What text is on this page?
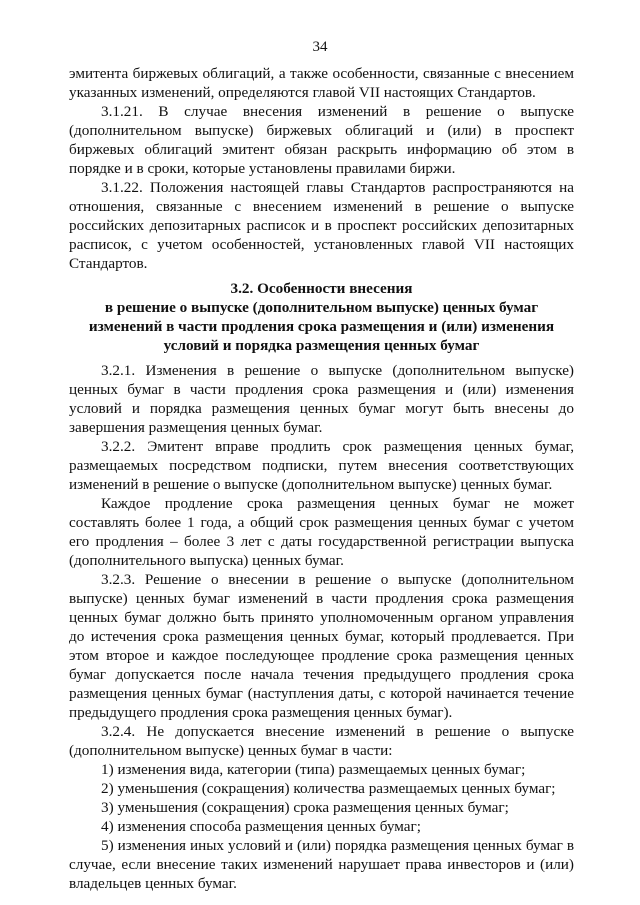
34

эмитента биржевых облигаций, а также особенности, связанные с внесением указанных изменений, определяются главой VII настоящих Стандартов.

3.1.21. В случае внесения изменений в решение о выпуске (дополнительном выпуске) биржевых облигаций и (или) в проспект биржевых облигаций эмитент обязан раскрыть информацию об этом в порядке и в сроки, которые установлены правилами биржи.

3.1.22. Положения настоящей главы Стандартов распространяются на отношения, связанные с внесением изменений в решение о выпуске российских депозитарных расписок и в проспект российских депозитарных расписок, с учетом особенностей, установленных главой VII настоящих Стандартов.

3.2. Особенности внесения
в решение о выпуске (дополнительном выпуске) ценных бумаг
изменений в части продления срока размещения и (или) изменения
условий и порядка размещения ценных бумаг

3.2.1. Изменения в решение о выпуске (дополнительном выпуске) ценных бумаг в части продления срока размещения и (или) изменения условий и порядка размещения ценных бумаг могут быть внесены до завершения размещения ценных бумаг.

3.2.2. Эмитент вправе продлить срок размещения ценных бумаг, размещаемых посредством подписки, путем внесения соответствующих изменений в решение о выпуске (дополнительном выпуске) ценных бумаг.

Каждое продление срока размещения ценных бумаг не может составлять более 1 года, а общий срок размещения ценных бумаг с учетом его продления – более 3 лет с даты государственной регистрации выпуска (дополнительного выпуска) ценных бумаг.

3.2.3. Решение о внесении в решение о выпуске (дополнительном выпуске) ценных бумаг изменений в части продления срока размещения ценных бумаг должно быть принято уполномоченным органом управления до истечения срока размещения ценных бумаг, который продлевается. При этом второе и каждое последующее продление срока размещения ценных бумаг допускается после начала течения предыдущего продления срока размещения ценных бумаг (наступления даты, с которой начинается течение предыдущего продления срока размещения ценных бумаг).

3.2.4. Не допускается внесение изменений в решение о выпуске (дополнительном выпуске) ценных бумаг в части:

1) изменения вида, категории (типа) размещаемых ценных бумаг;

2) уменьшения (сокращения) количества размещаемых ценных бумаг;

3) уменьшения (сокращения) срока размещения ценных бумаг;

4) изменения способа размещения ценных бумаг;

5) изменения иных условий и (или) порядка размещения ценных бумаг в случае, если внесение таких изменений нарушает права инвесторов и (или) владельцев ценных бумаг.
